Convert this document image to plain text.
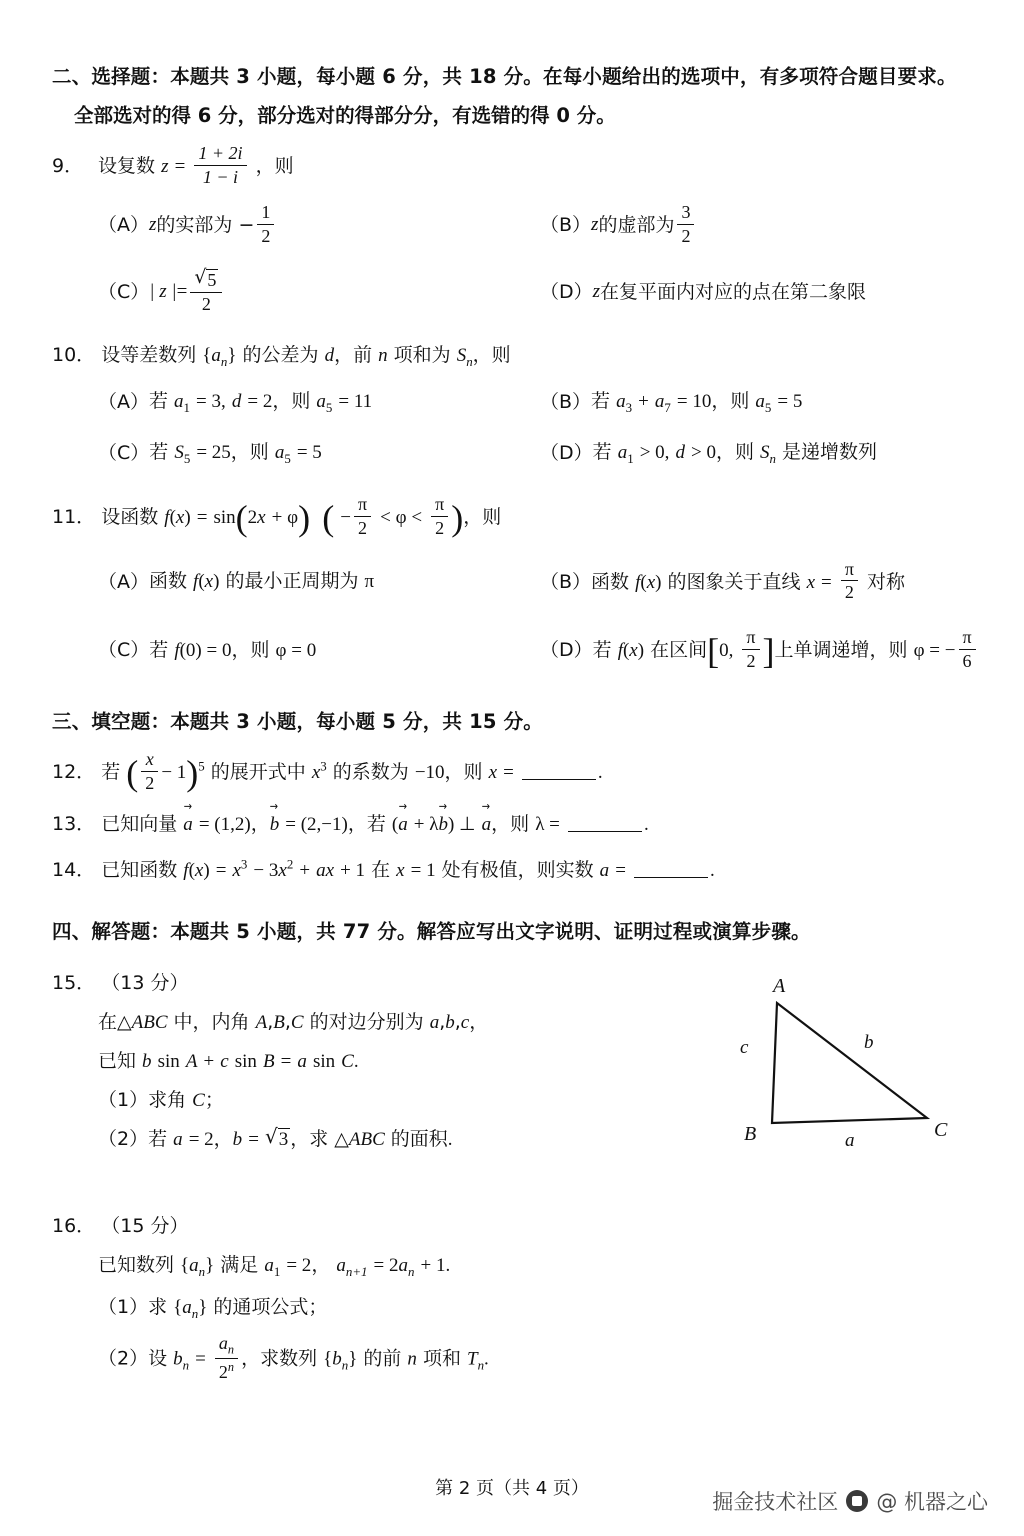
二、选择题：本题共 3 小题，每小题 6 分，共 18 分。在每小题给出的选项中，有多项符合题目要求。
全部选对的得 6 分，部分选对的得部分分，有选错的得 0 分。
9． 设复数 $z = \frac{1 + 2i}{1 - i}$ ，则
（A） z 的实部为 − $\frac{1}{2}$	（B） z 的虚部为 $\frac{3}{2}$
（C） | z | = $\frac{√ 5}{2}$	（D） z 在复平面内对应的点在第二象限
10． 设等差数列 $\{a_n\}$ 的公差为 d，前 n 项和为 $S_n$，则
（A） 若 $a_1 = 3$, d = 2，则 $a_5 = 11$	（B） 若 $a_3 + a_7 = 10$，则 $a_5 = 5$
（C） 若 $S_5 = 25$，则 $a_5 = 5$	（D） 若 $a_1 > 0$, d > 0，则 $S_n$ 是递增数列
11． 设函数 f(x) = sin(2x + φ) ( − $\frac{\pi}{2} < \varphi < \frac{\pi}{2}$ )，则
（A） 函数 f(x) 的最小正周期为 π	（B） 函数 f(x) 的图象关于直线 $x = \frac{\pi}{2}$ 对称
（C） 若 f(0) = 0，则 φ = 0	（D） 若 f(x) 在区间[0, $\frac{\pi}{2}$ ]上单调递增，则 φ = − $\frac{\pi}{6}$
三、填空题：本题共 3 小题，每小题 5 分，共 15 分。
12． 若 ( $\frac{x}{2} - 1)^5$ 的展开式中 $x^3$ 的系数为 −10，则 x =	.
13． 已知向量 a → = (1,2)，b → = (2,−1)，若 (a → + λb →) ⊥ a →，则 λ =	.
14． 已知函数 $f(x) = x^3 - 3x^2$ + ax + 1 在 x = 1 处有极值，则实数 a =	.
四、解答题：本题共 5 小题，共 77 分。解答应写出文字说明、证明过程或演算步骤。
15． （13 分）
在△ABC 中，内角 A,B,C 的对边分别为 a,b,c，
已知 b sin A + c sin B = a sin C.
（1）求角 C；
（2）若 a = 2，b = √ 3 ，求 △ABC 的面积.
A
B	C
a
b
c
16． （15 分）
已知数列 $\{a_n\}$ 满足 $a_1 = 2$， $a_{n+1} = 2a_n + 1$.
（1）求 $\{a_n\}$ 的通项公式；
（2）设 $b_n = \frac{a_n}{2^n}$ ，求数列 $\{b_n\}$ 的前 n 项和 $T_n$.
第 2 页（共 4 页）
掘金技术社区 @ 机器之心
